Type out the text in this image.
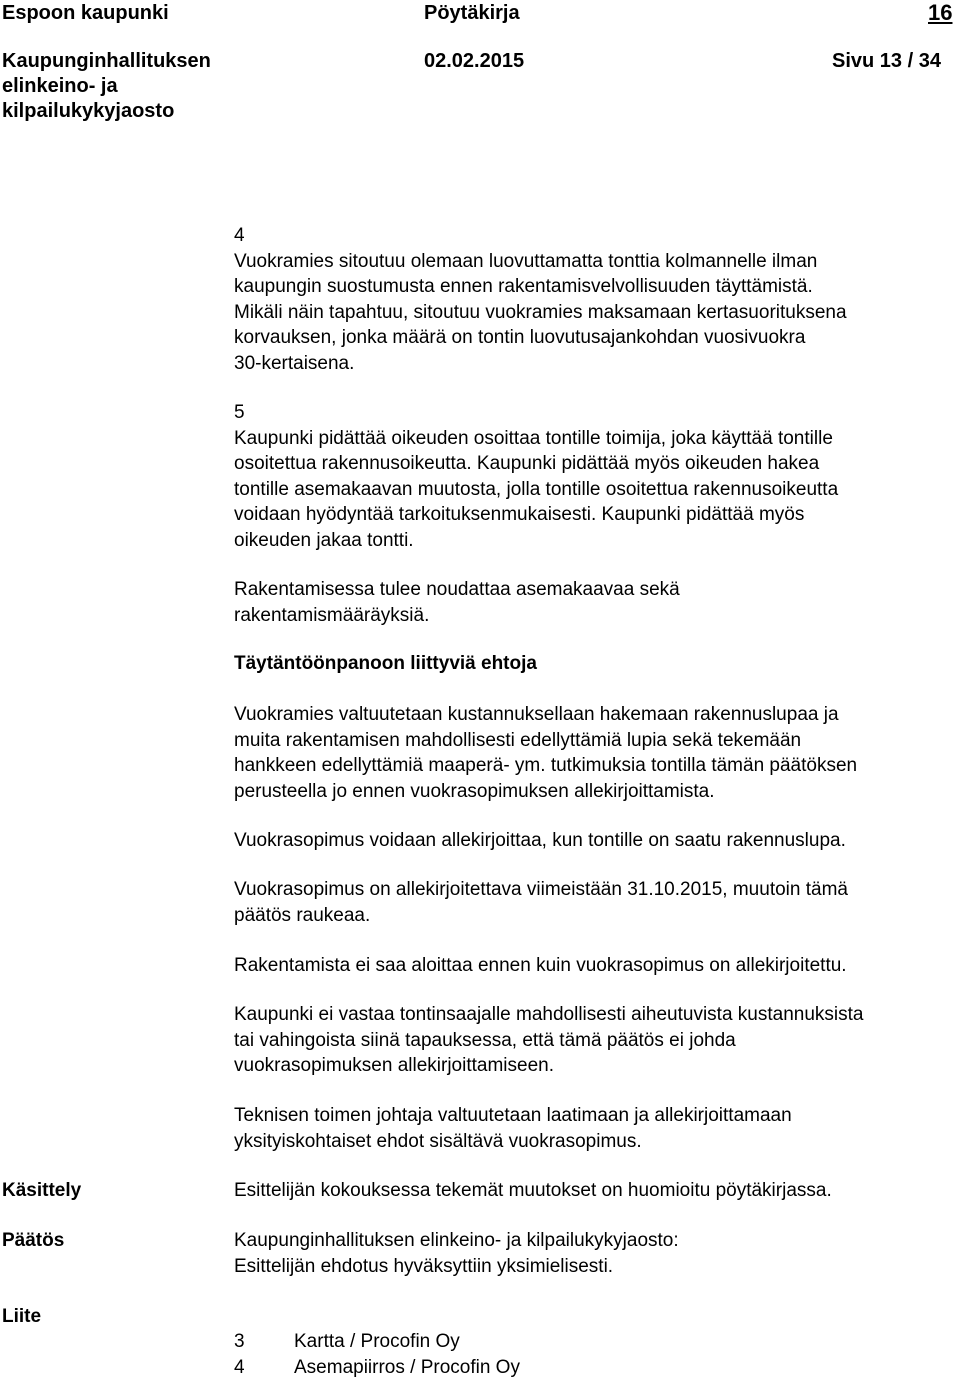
Espoon kaupunki	Pöytäkirja	16
Kaupunginhallituksen
elinkeino- ja
kilpailukykyjaosto
02.02.2015	Sivu 13 / 34
4
Vuokramies sitoutuu olemaan luovuttamatta tonttia kolmannelle ilman
kaupungin suostumusta ennen rakentamisvelvollisuuden täyttämistä.
Mikäli näin tapahtuu, sitoutuu vuokramies maksamaan kertasuorituksena
korvauksen, jonka määrä on tontin luovutusajankohdan vuosivuokra
30-kertaisena.
5
Kaupunki pidättää oikeuden osoittaa tontille toimija, joka käyttää tontille
osoitettua rakennusoikeutta. Kaupunki pidättää myös oikeuden hakea
tontille asemakaavan muutosta, jolla tontille osoitettua rakennusoikeutta
voidaan hyödyntää tarkoituksenmukaisesti. Kaupunki pidättää myös
oikeuden jakaa tontti.
Rakentamisessa tulee noudattaa asemakaavaa sekä
rakentamismääräyksiä.
Täytäntöönpanoon liittyviä ehtoja
Vuokramies valtuutetaan kustannuksellaan hakemaan rakennuslupaa ja
muita rakentamisen mahdollisesti edellyttämiä lupia sekä tekemään
hankkeen edellyttämiä maaperä- ym. tutkimuksia tontilla tämän päätöksen
perusteella jo ennen vuokrasopimuksen allekirjoittamista.
Vuokrasopimus voidaan allekirjoittaa, kun tontille on saatu rakennuslupa.
Vuokrasopimus on allekirjoitettava viimeistään 31.10.2015, muutoin tämä
päätös raukeaa.
Rakentamista ei saa aloittaa ennen kuin vuokrasopimus on allekirjoitettu.
Kaupunki ei vastaa tontinsaajalle mahdollisesti aiheutuvista kustannuksista
tai vahingoista siinä tapauksessa, että tämä päätös ei johda
vuokrasopimuksen allekirjoittamiseen.
Teknisen toimen johtaja valtuutetaan laatimaan ja allekirjoittamaan
yksityiskohtaiset ehdot sisältävä vuokrasopimus.
Käsittely	Esittelijän kokouksessa tekemät muutokset on huomioitu pöytäkirjassa.
Päätös	Kaupunginhallituksen elinkeino- ja kilpailukykyjaosto:
Esittelijän ehdotus hyväksyttiin yksimielisesti.
Liite
3	Kartta / Procofin Oy
4	Asemapiirros / Procofin Oy
